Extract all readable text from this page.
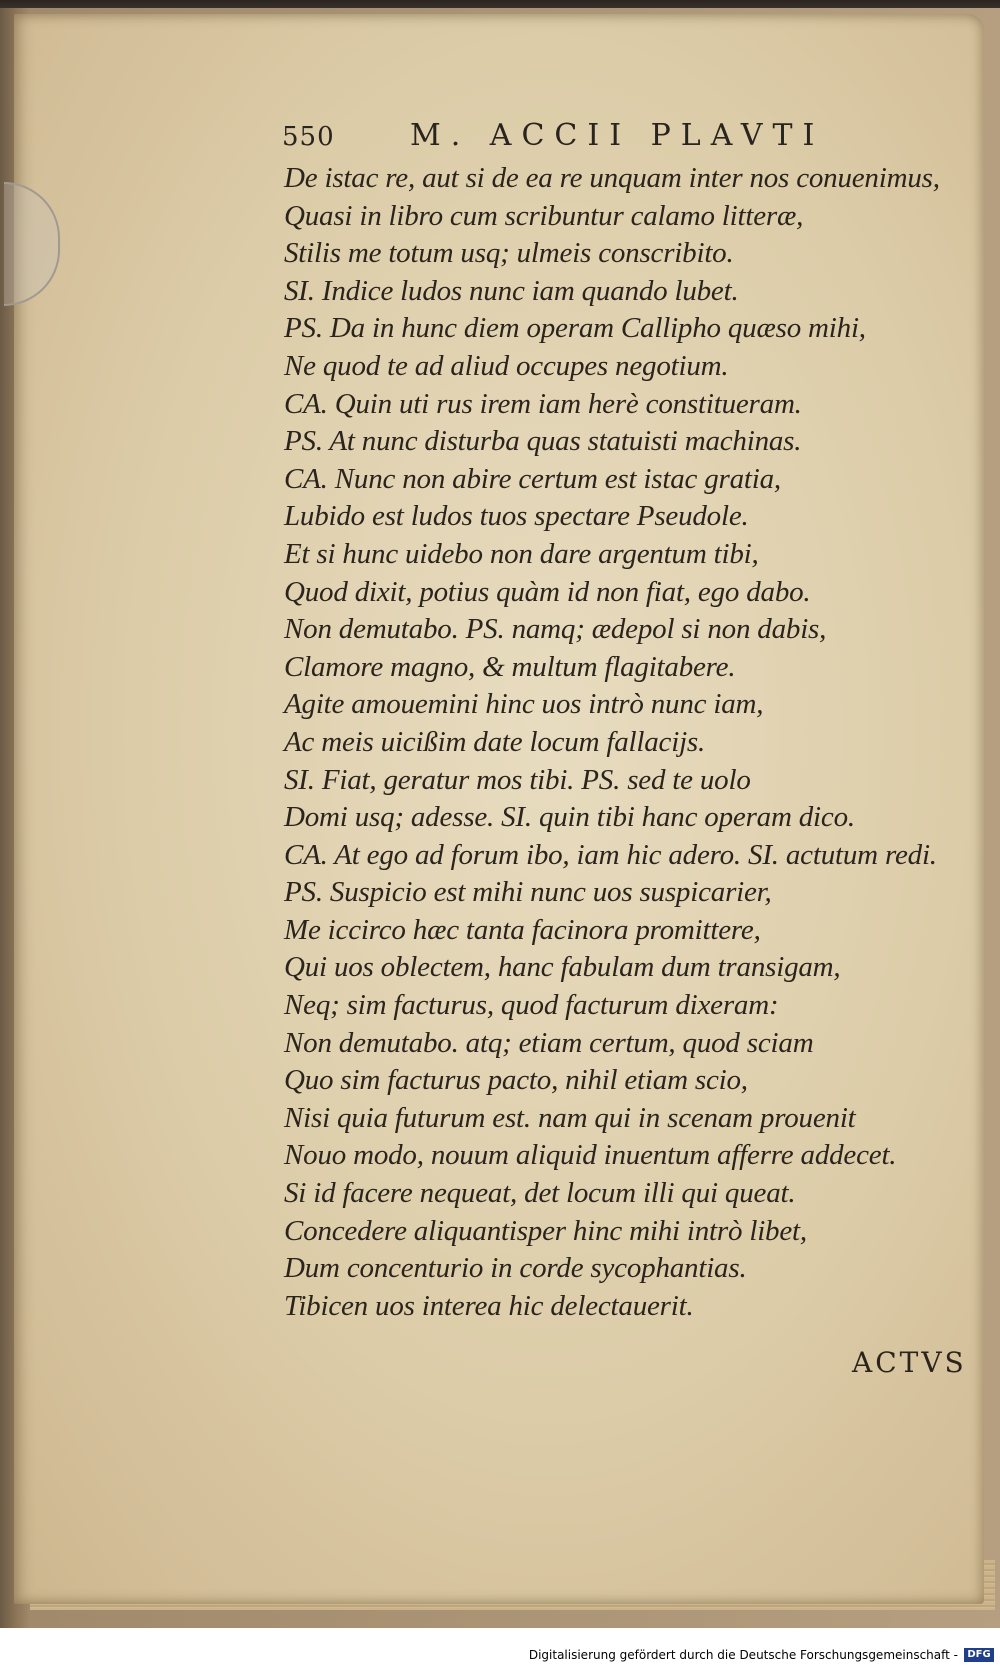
550	M. ACCII PLAVTI
De istac re, aut si de ea re unquam inter nos conuenimus,
Quasi in libro cum scribuntur calamo litteræ,
Stilis me totum usq; ulmeis conscribito.
SI. Indice ludos nunc iam quando lubet.
PS. Da in hunc diem operam Callipho quæso mihi,
Ne quod te ad aliud occupes negotium.
CA. Quin uti rus irem iam herè constitueram.
PS. At nunc disturba quas statuisti machinas.
CA. Nunc non abire certum est istac gratia,
Lubido est ludos tuos spectare Pseudole.
Et si hunc uidebo non dare argentum tibi,
Quod dixit, potius quàm id non fiat, ego dabo.
Non demutabo. PS. namq; ædepol si non dabis,
Clamore magno, & multum flagitabere.
Agite amouemini hinc uos intrò nunc iam,
Ac meis uicißim date locum fallacijs.
SI. Fiat, geratur mos tibi. PS. sed te uolo
Domi usq; adesse. SI. quin tibi hanc operam dico.
CA. At ego ad forum ibo, iam hic adero. SI. actutum redi.
PS. Suspicio est mihi nunc uos suspicarier,
Me iccirco hæc tanta facinora promittere,
Qui uos oblectem, hanc fabulam dum transigam,
Neq; sim facturus, quod facturum dixeram:
Non demutabo. atq; etiam certum, quod sciam
Quo sim facturus pacto, nihil etiam scio,
Nisi quia futurum est. nam qui in scenam prouenit
Nouo modo, nouum aliquid inuentum afferre addecet.
Si id facere nequeat, det locum illi qui queat.
Concedere aliquantisper hinc mihi intrò libet,
Dum concenturio in corde sycophantias.
Tibicen uos interea hic delectauerit.
ACTVS
Digitalisierung gefördert durch die Deutsche Forschungsgemeinschaft - DFG
